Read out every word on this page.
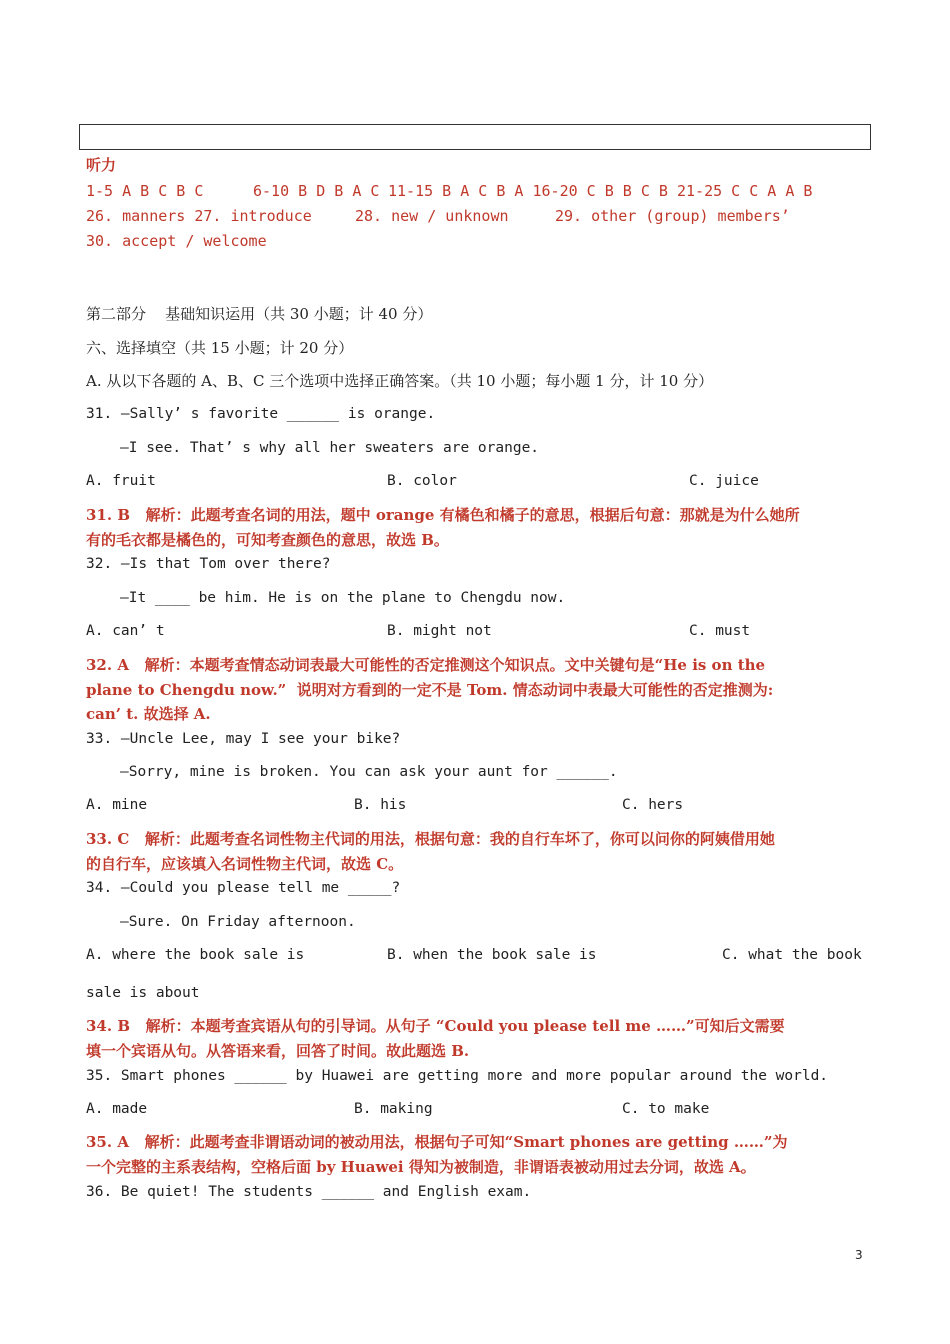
听力
1-5 A B C B C	6-10 B D B A C 11-15 B A C B A 16-20 C B B C B 21-25 C C A A B
26. manners 27. introduce	28. new / unknown	29. other (group) members’
30. accept / welcome
第二部分    基础知识运用（共 30 小题；计 40 分）
六、选择填空（共 15 小题；计 20 分）
A. 从以下各题的 A、B、C 三个选项中选择正确答案。（共 10 小题；每小题 1 分，计 10 分）
31. —Sally’ s favorite ______ is orange.
—I see. That’ s why all her sweaters are orange.
A. fruit	B. color	C. juice
31. B   解析：此题考查名词的用法，题中 orange 有橘色和橘子的意思，根据后句意：那就是为什么她所
有的毛衣都是橘色的，可知考查颜色的意思，故选 B。
32. —Is that Tom over there?
—It ____ be him. He is on the plane to Chengdu now.
A. can’ t	B. might not	C. must
32. A   解析：本题考查情态动词表最大可能性的否定推测这个知识点。文中关键句是“He is on the
plane to Chengdu now.”  说明对方看到的一定不是 Tom. 情态动词中表最大可能性的否定推测为:
can’ t. 故选择 A.
33. —Uncle Lee, may I see your bike?
—Sorry, mine is broken. You can ask your aunt for ______.
A. mine	B. his	C. hers
33. C   解析：此题考查名词性物主代词的用法，根据句意：我的自行车坏了，你可以问你的阿姨借用她
的自行车，应该填入名词性物主代词，故选 C。
34. —Could you please tell me _____?
—Sure. On Friday afternoon.
A. where the book sale is	B. when the book sale is	C. what the book
sale is about
34. B   解析：本题考查宾语从句的引导词。从句子 “Could you please tell me ……”可知后文需要
填一个宾语从句。从答语来看，回答了时间。故此题选 B.
35. Smart phones ______ by Huawei are getting more and more popular around the world.
A. made	B. making	C. to make
35. A   解析：此题考查非谓语动词的被动用法，根据句子可知“Smart phones are getting ……”为
一个完整的主系表结构，空格后面 by Huawei 得知为被制造，非谓语表被动用过去分词，故选 A。
36. Be quiet! The students ______ and English exam.
3
